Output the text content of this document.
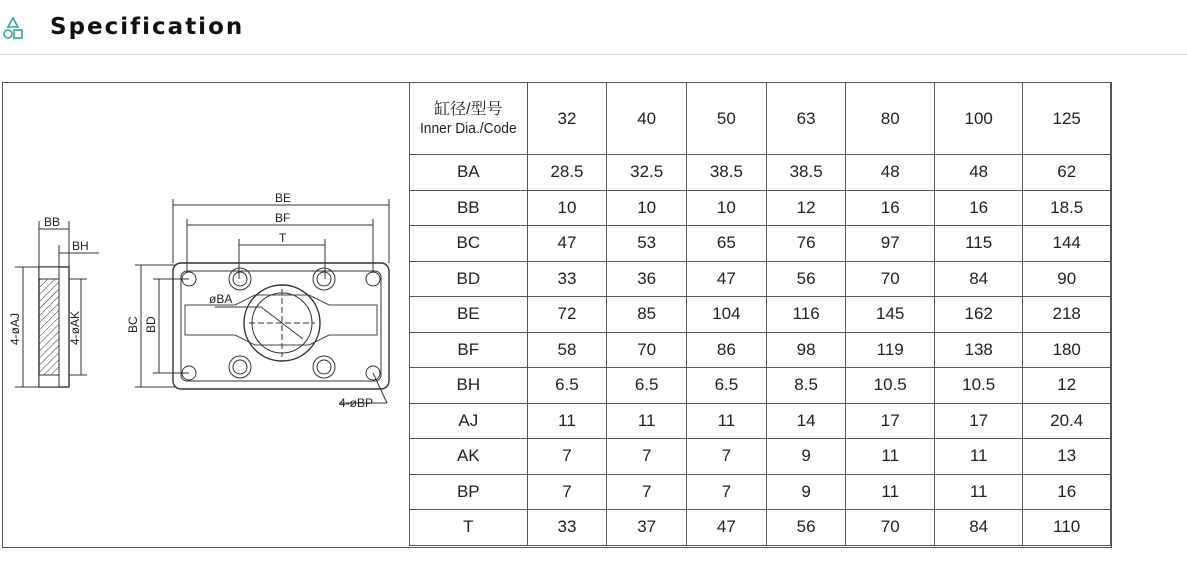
Specification
BB
BH
4-øAJ	4-øAK
BE
BF
T
øBA
BC BD
4-øBP
缸径/型号
Inner Dia./Code	32	40	50	63	80	100	125
BA	28.5	32.5	38.5	38.5	48	48	62
BB	10	10	10	12	16	16	18.5
BC	47	53	65	76	97	115	144
BD	33	36	47	56	70	84	90
BE	72	85	104	116	145	162	218
BF	58	70	86	98	119	138	180
BH	6.5	6.5	6.5	8.5	10.5	10.5	12
AJ	11	11	11	14	17	17	20.4
AK	7	7	7	9	11	11	13
BP	7	7	7	9	11	11	16
T	33	37	47	56	70	84	110
